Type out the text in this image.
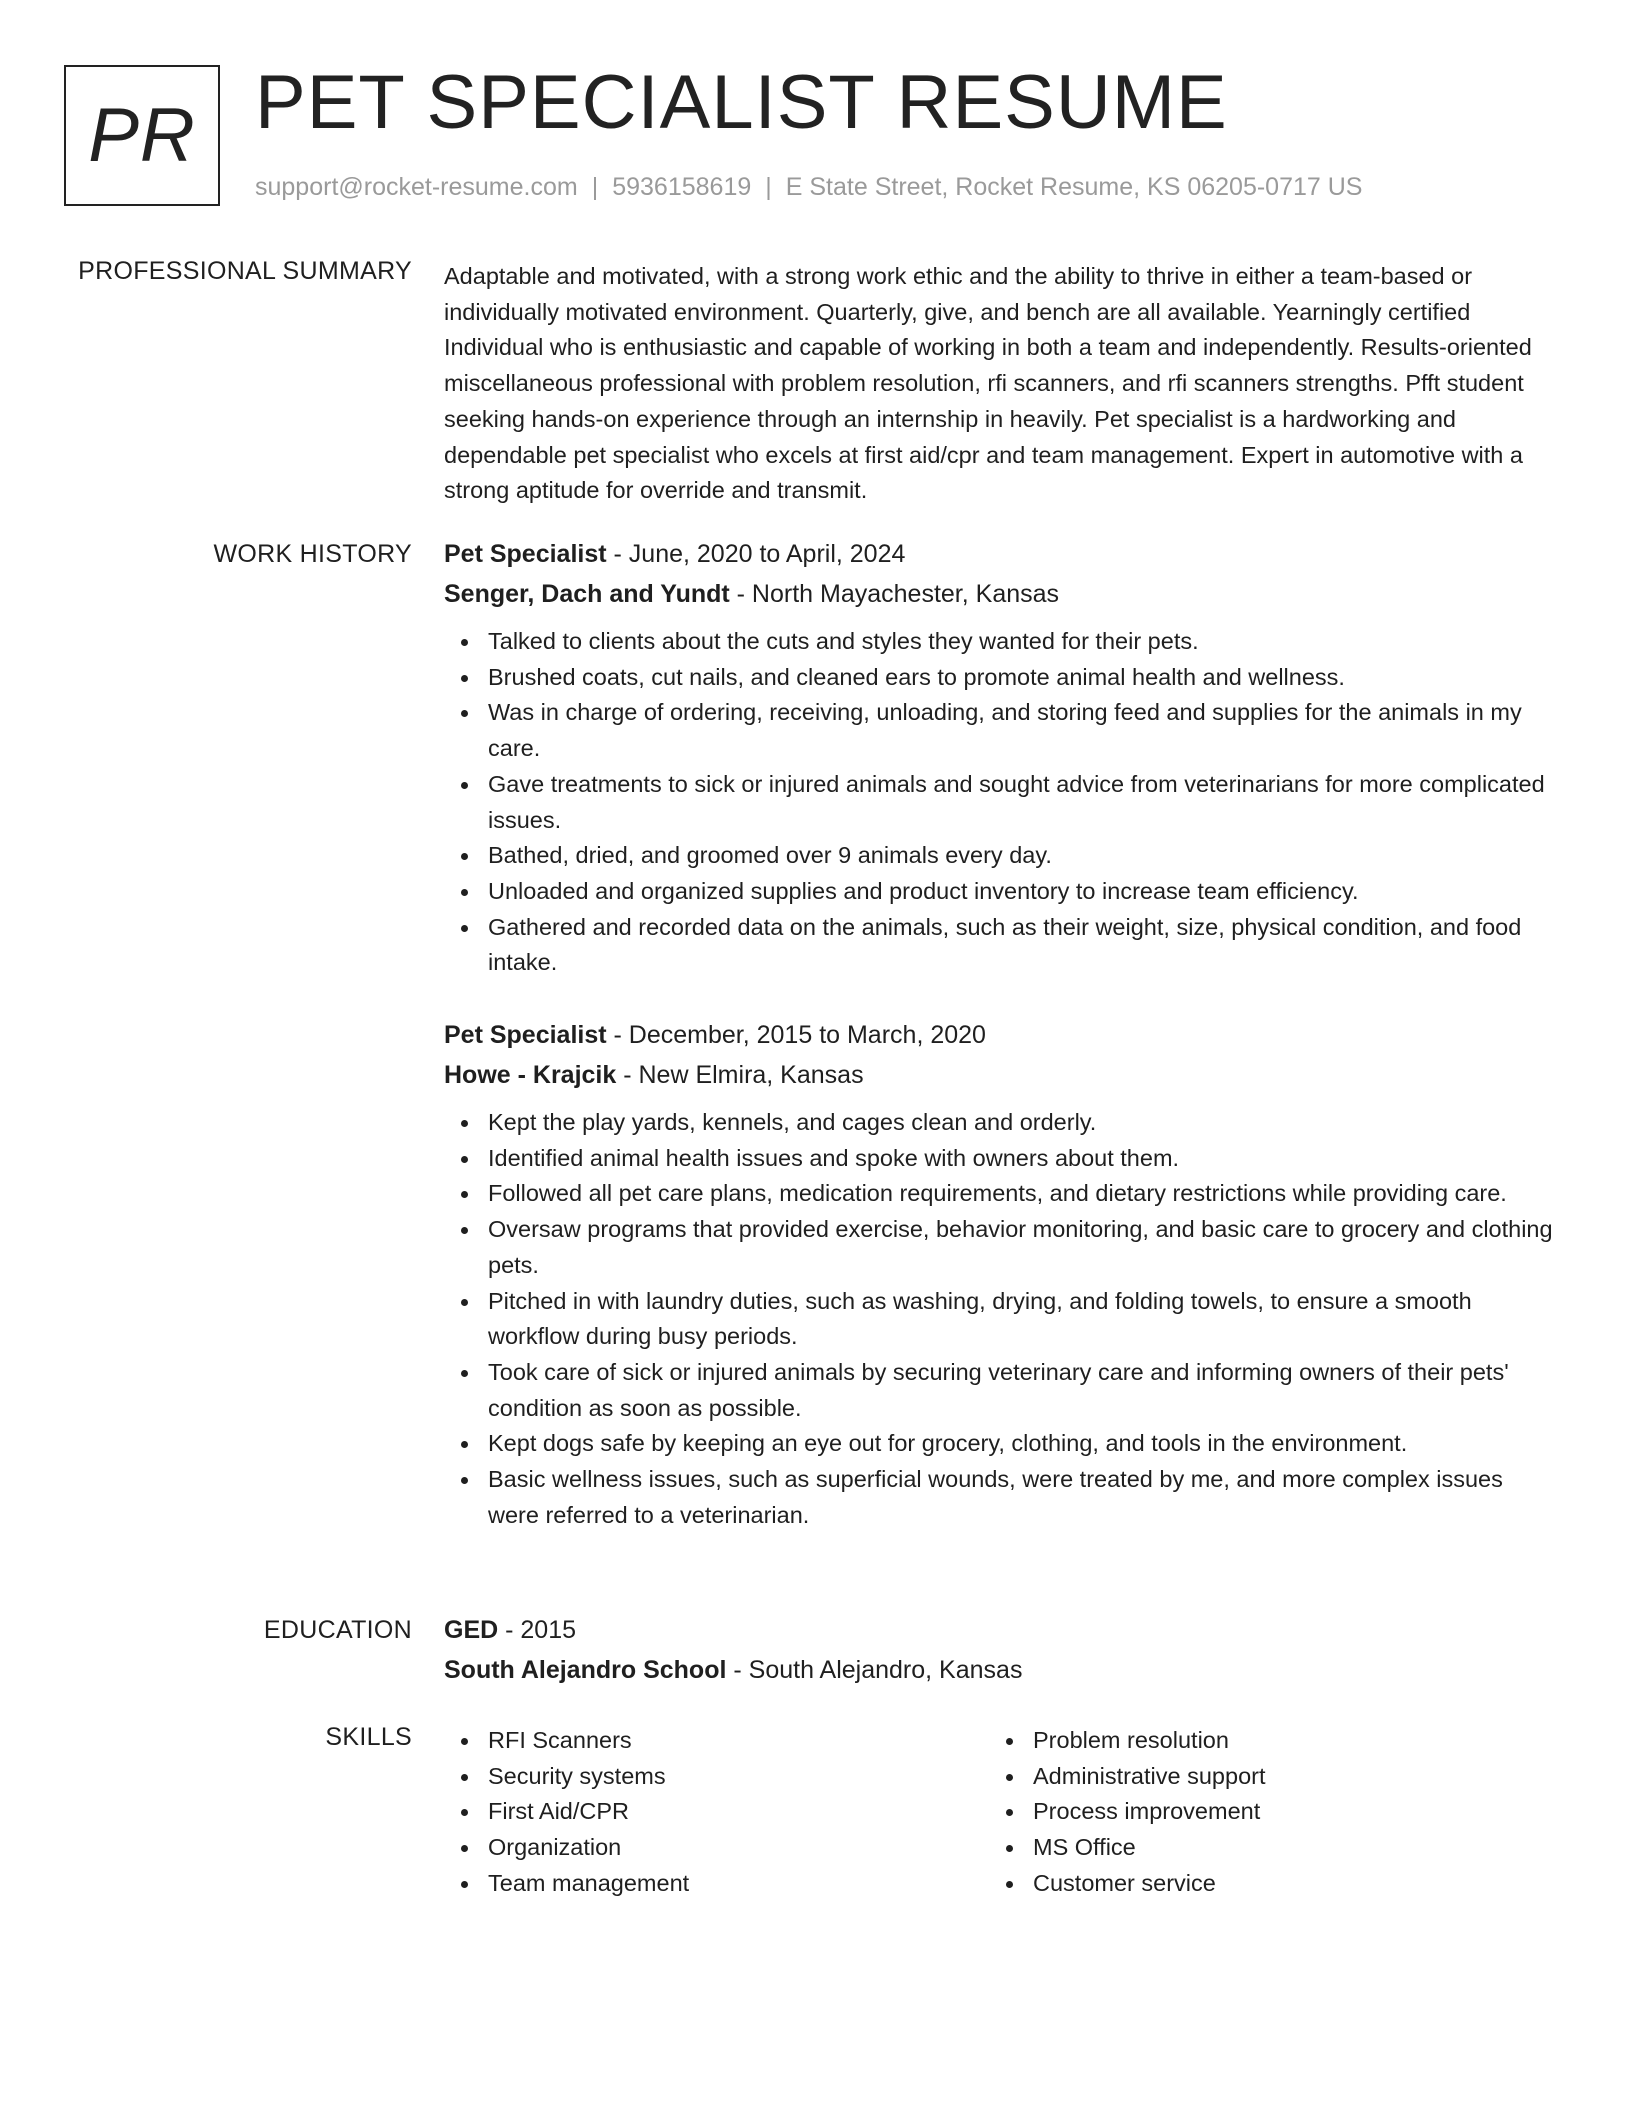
PR PET SPECIALIST RESUME
support@rocket-resume.com | 5936158619 | E State Street, Rocket Resume, KS 06205-0717 US
PROFESSIONAL SUMMARY Adaptable and motivated, with a strong work ethic and the ability to thrive in either a team-based or individually motivated environment. Quarterly, give, and bench are all available. Yearningly certified Individual who is enthusiastic and capable of working in both a team and independently. Results-oriented miscellaneous professional with problem resolution, rfi scanners, and rfi scanners strengths. Pfft student seeking hands-on experience through an internship in heavily. Pet specialist is a hardworking and dependable pet specialist who excels at first aid/cpr and team management. Expert in automotive with a strong aptitude for override and transmit.

WORK HISTORY Pet Specialist - June, 2020 to April, 2024
Senger, Dach and Yundt - North Mayachester, Kansas
Talked to clients about the cuts and styles they wanted for their pets.
Brushed coats, cut nails, and cleaned ears to promote animal health and wellness.
Was in charge of ordering, receiving, unloading, and storing feed and supplies for the animals in my care.
Gave treatments to sick or injured animals and sought advice from veterinarians for more complicated issues.
Bathed, dried, and groomed over 9 animals every day.
Unloaded and organized supplies and product inventory to increase team efficiency.
Gathered and recorded data on the animals, such as their weight, size, physical condition, and food intake.
Pet Specialist - December, 2015 to March, 2020
Howe - Krajcik - New Elmira, Kansas
Kept the play yards, kennels, and cages clean and orderly.
Identified animal health issues and spoke with owners about them.
Followed all pet care plans, medication requirements, and dietary restrictions while providing care.
Oversaw programs that provided exercise, behavior monitoring, and basic care to grocery and clothing pets.
Pitched in with laundry duties, such as washing, drying, and folding towels, to ensure a smooth workflow during busy periods.
Took care of sick or injured animals by securing veterinary care and informing owners of their pets' condition as soon as possible.
Kept dogs safe by keeping an eye out for grocery, clothing, and tools in the environment.
Basic wellness issues, such as superficial wounds, were treated by me, and more complex issues were referred to a veterinarian.
EDUCATION GED - 2015
South Alejandro School - South Alejandro, Kansas
SKILLS	RFI Scanners
Security systems
First Aid/CPR
Organization
Team management
Problem resolution
Administrative support
Process improvement
MS Office
Customer service
